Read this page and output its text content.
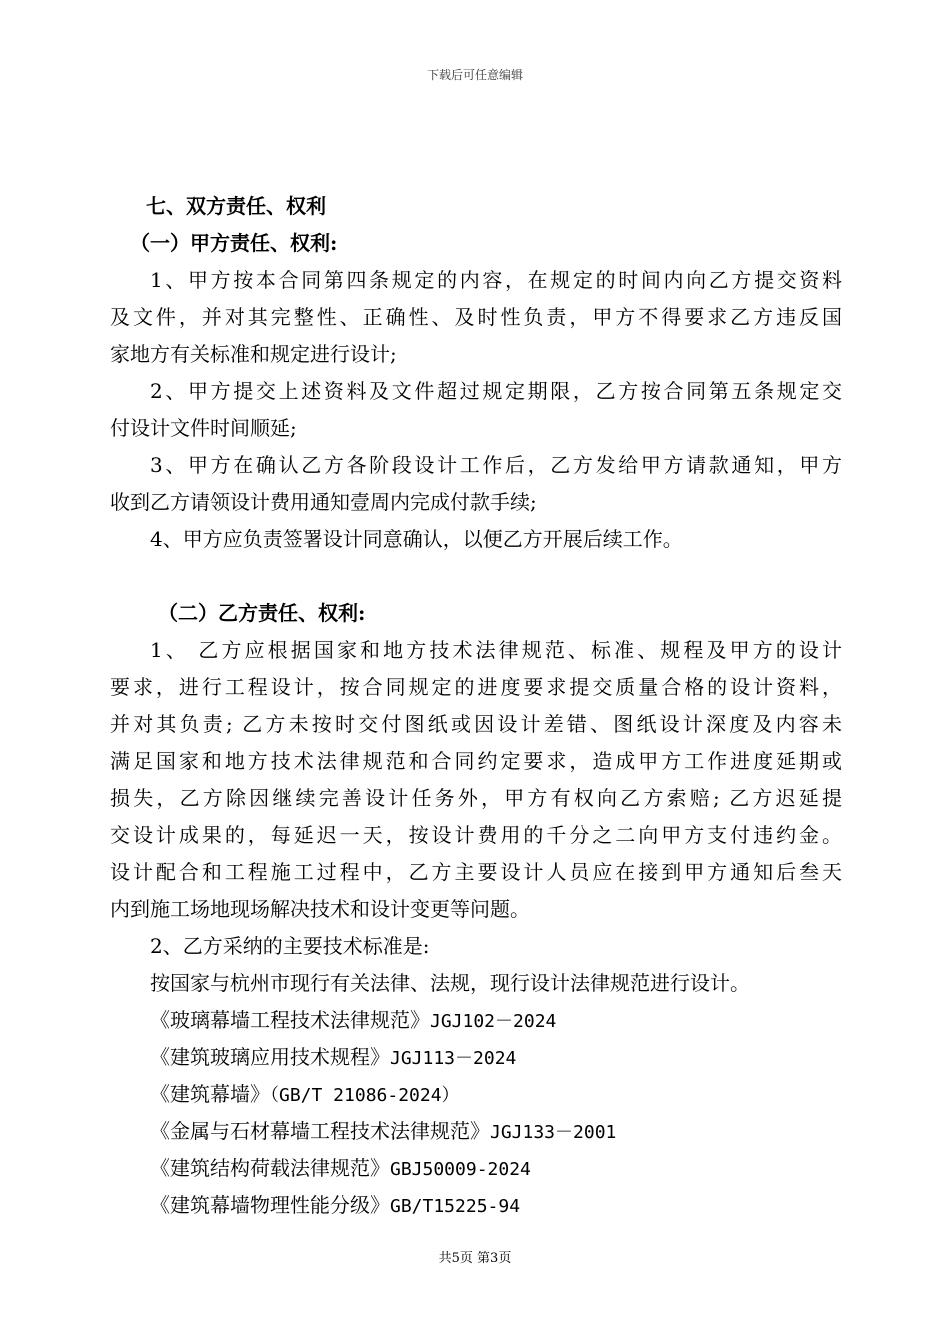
下载后可任意编辑
七、双方责任、权利
（一）甲方责任、权利:
1、甲方按本合同第四条规定的内容，在规定的时间内向乙方提交资料
及文件，并对其完整性、正确性、及时性负责，甲方不得要求乙方违反国
家地方有关标准和规定进行设计;
2、甲方提交上述资料及文件超过规定期限，乙方按合同第五条规定交
付设计文件时间顺延;
3、甲方在确认乙方各阶段设计工作后，乙方发给甲方请款通知，甲方
收到乙方请领设计费用通知壹周内完成付款手续;
4、甲方应负责签署设计同意确认，以便乙方开展后续工作。
（二）乙方责任、权利:
1、 乙方应根据国家和地方技术法律规范、标准、规程及甲方的设计
要求，进行工程设计，按合同规定的进度要求提交质量合格的设计资料，
并对其负责; 乙方未按时交付图纸或因设计差错、图纸设计深度及内容未
满足国家和地方技术法律规范和合同约定要求，造成甲方工作进度延期或
损失，乙方除因继续完善设计任务外，甲方有权向乙方索赔; 乙方迟延提
交设计成果的，每延迟一天，按设计费用的千分之二向甲方支付违约金。
设计配合和工程施工过程中，乙方主要设计人员应在接到甲方通知后叁天
内到施工场地现场解决技术和设计变更等问题。
2、乙方采纳的主要技术标准是:
按国家与杭州市现行有关法律、法规，现行设计法律规范进行设计。
《玻璃幕墙工程技术法律规范》JGJ102－2024
《建筑玻璃应用技术规程》JGJ113－2024
《建筑幕墙》（GB/T 21086-2024）
《金属与石材幕墙工程技术法律规范》JGJ133－2001
《建筑结构荷载法律规范》GBJ50009-2024
《建筑幕墙物理性能分级》GB/T15225-94
共5页 第3页
